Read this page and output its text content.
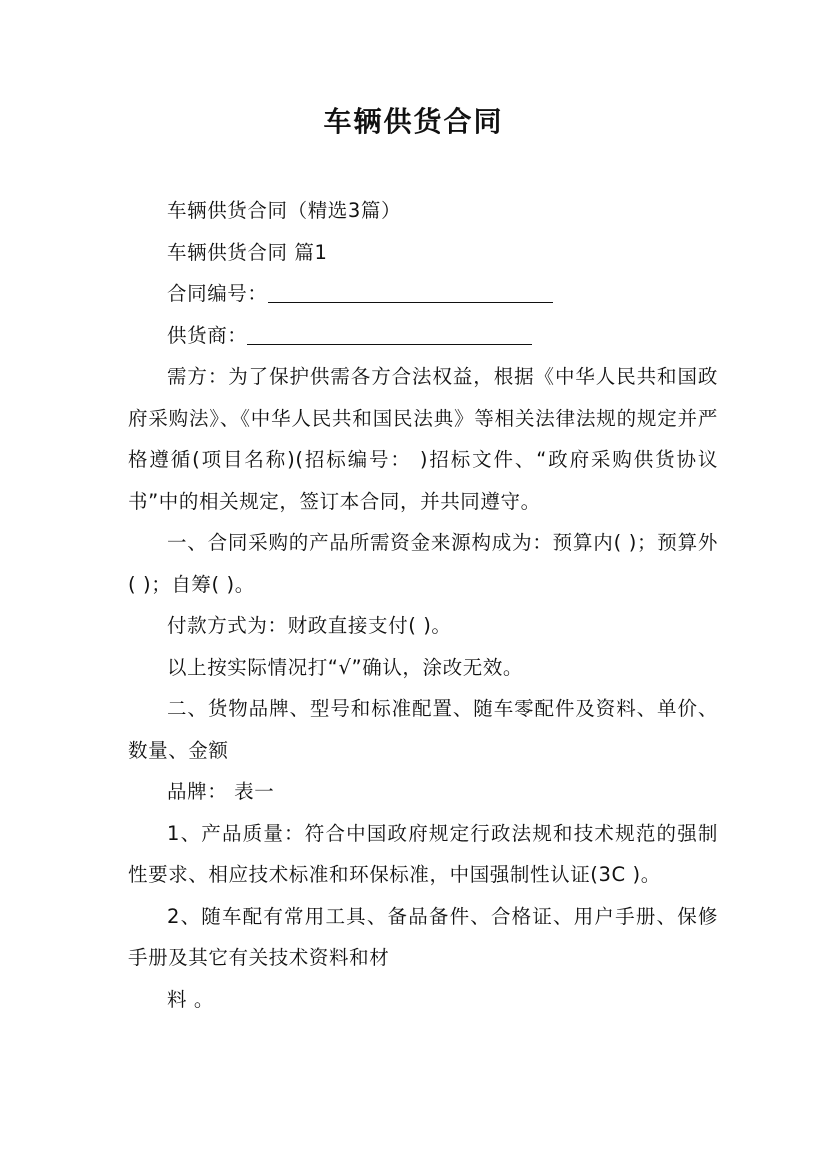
车辆供货合同

车辆供货合同（精选3篇）

车辆供货合同 篇1

合同编号：

供货商：

需方：为了保护供需各方合法权益，根据《中华人民共和国政府采购法》、《中华人民共和国民法典》等相关法律法规的规定并严格遵循(项目名称)(招标编号： )招标文件、“政府采购供货协议书”中的相关规定，签订本合同，并共同遵守。

一、合同采购的产品所需资金来源构成为：预算内( )；预算外( )；自筹( )。

付款方式为：财政直接支付( )。

以上按实际情况打“√”确认，涂改无效。

二、货物品牌、型号和标准配置、随车零配件及资料、单价、数量、金额

品牌： 表一

1、产品质量：符合中国政府规定行政法规和技术规范的强制性要求、相应技术标准和环保标准，中国强制性认证(3C )。

2、随车配有常用工具、备品备件、合格证、用户手册、保修手册及其它有关技术资料和材

料 。
